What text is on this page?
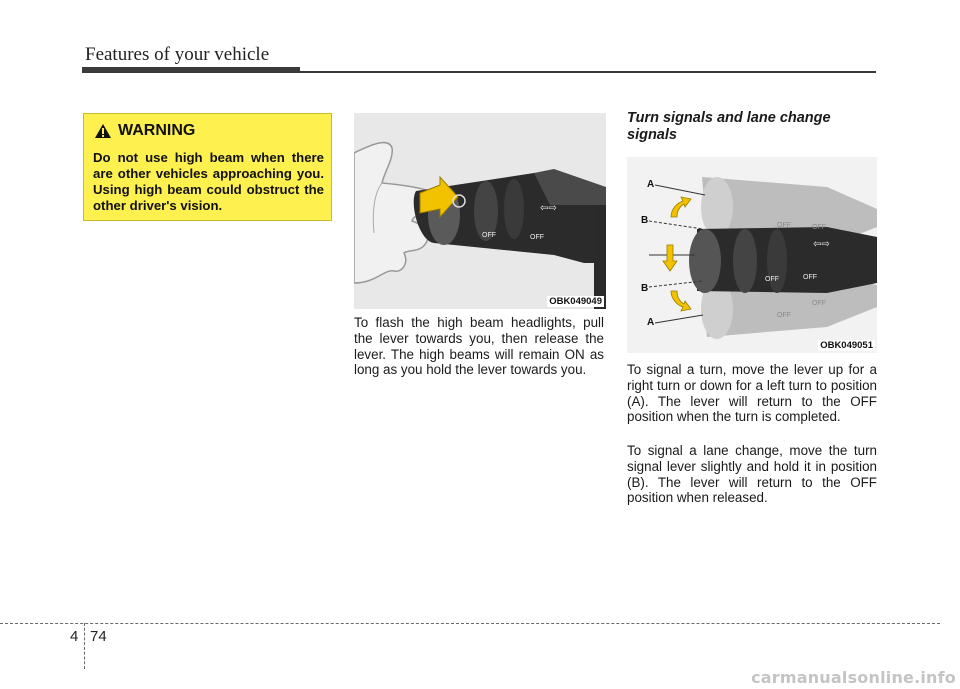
Features of your vehicle
WARNING
Do not use high beam when there are other vehicles approaching you. Using high beam could obstruct the other driver's vision.
OFF	OFF
⇦⇨
OBK049049
To flash the high beam headlights, pull the lever towards you, then release the lever. The high beams will remain ON as long as you hold the lever towards you.
Turn signals and lane change signals
⇦⇨
OFF	OFF
OFF	OFF
OFF
OFF
A
B
B
A
OBK049051
To signal a turn, move the lever up for a right turn or down for a left turn to position (A). The lever will return to the OFF position when the turn is completed.
To signal a lane change, move the turn signal lever slightly and hold it in position (B). The lever will return to the OFF position when released.
4 74
carmanualsonline.info
